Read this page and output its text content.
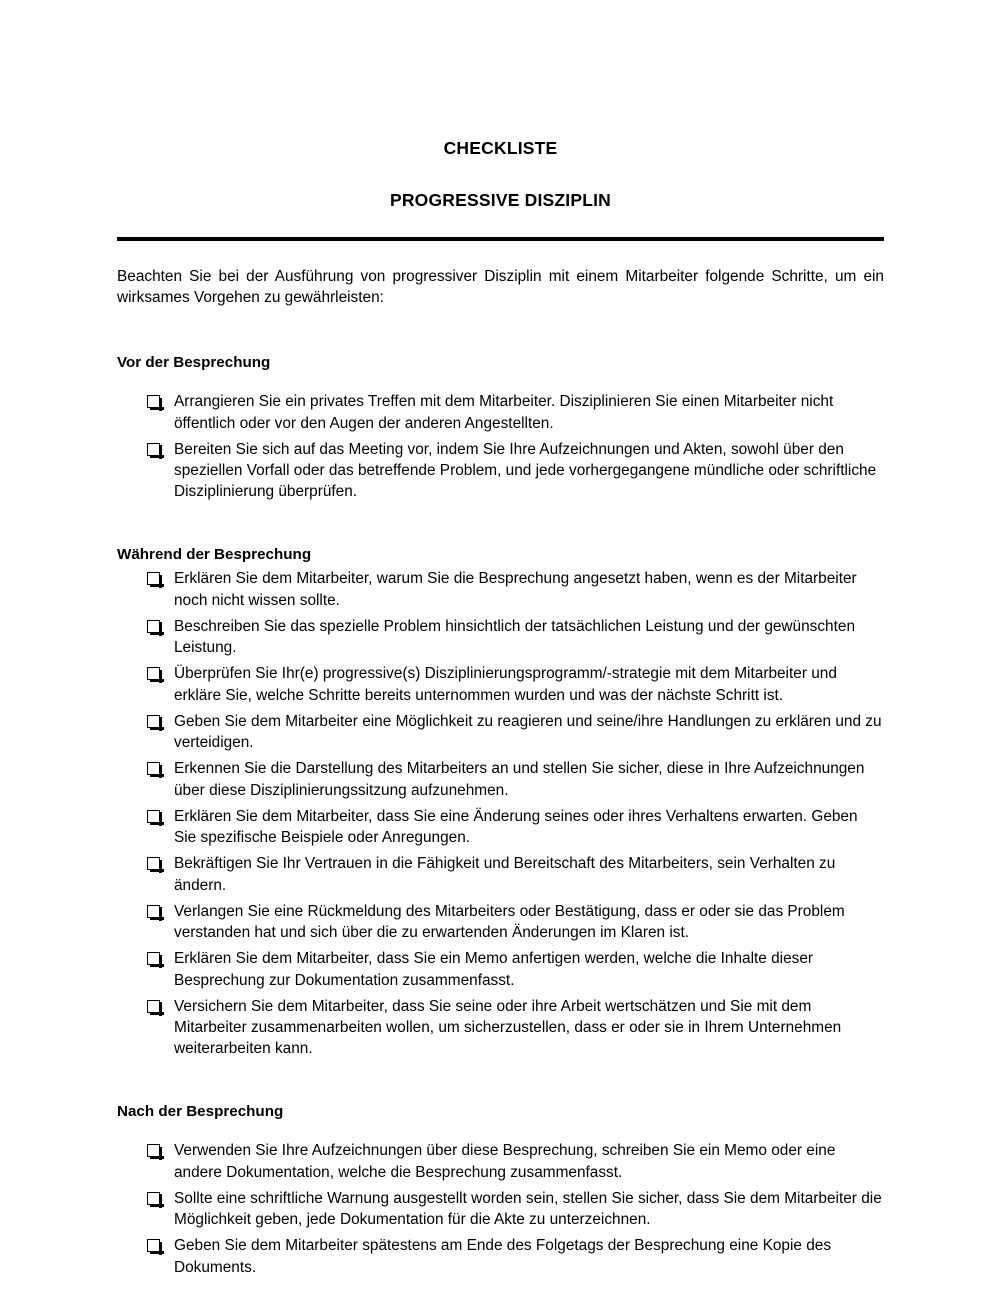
CHECKLISTE
PROGRESSIVE DISZIPLIN

Beachten Sie bei der Ausführung von progressiver Disziplin mit einem Mitarbeiter folgende Schritte, um ein wirksames Vorgehen zu gewährleisten:

Vor der Besprechung
Arrangieren Sie ein privates Treffen mit dem Mitarbeiter. Disziplinieren Sie einen Mitarbeiter nicht öffentlich oder vor den Augen der anderen Angestellten.
Bereiten Sie sich auf das Meeting vor, indem Sie Ihre Aufzeichnungen und Akten, sowohl über den speziellen Vorfall oder das betreffende Problem, und jede vorhergegangene mündliche oder schriftliche Disziplinierung überprüfen.
Während der Besprechung
Erklären Sie dem Mitarbeiter, warum Sie die Besprechung angesetzt haben, wenn es der Mitarbeiter noch nicht wissen sollte.
Beschreiben Sie das spezielle Problem hinsichtlich der tatsächlichen Leistung und der gewünschten Leistung.
Überprüfen Sie Ihr(e) progressive(s) Disziplinierungsprogramm/-strategie mit dem Mitarbeiter und erkläre Sie, welche Schritte bereits unternommen wurden und was der nächste Schritt ist.
Geben Sie dem Mitarbeiter eine Möglichkeit zu reagieren und seine/ihre Handlungen zu erklären und zu verteidigen.
Erkennen Sie die Darstellung des Mitarbeiters an und stellen Sie sicher, diese in Ihre Aufzeichnungen über diese Disziplinierungssitzung aufzunehmen.
Erklären Sie dem Mitarbeiter, dass Sie eine Änderung seines oder ihres Verhaltens erwarten. Geben Sie spezifische Beispiele oder Anregungen.
Bekräftigen Sie Ihr Vertrauen in die Fähigkeit und Bereitschaft des Mitarbeiters, sein Verhalten zu ändern.
Verlangen Sie eine Rückmeldung des Mitarbeiters oder Bestätigung, dass er oder sie das Problem verstanden hat und sich über die zu erwartenden Änderungen im Klaren ist.
Erklären Sie dem Mitarbeiter, dass Sie ein Memo anfertigen werden, welche die Inhalte dieser Besprechung zur Dokumentation zusammenfasst.
Versichern Sie dem Mitarbeiter, dass Sie seine oder ihre Arbeit wertschätzen und Sie mit dem Mitarbeiter zusammenarbeiten wollen, um sicherzustellen, dass er oder sie in Ihrem Unternehmen weiterarbeiten kann.
Nach der Besprechung
Verwenden Sie Ihre Aufzeichnungen über diese Besprechung, schreiben Sie ein Memo oder eine andere Dokumentation, welche die Besprechung zusammenfasst.
Sollte eine schriftliche Warnung ausgestellt worden sein, stellen Sie sicher, dass Sie dem Mitarbeiter die Möglichkeit geben, jede Dokumentation für die Akte zu unterzeichnen.
Geben Sie dem Mitarbeiter spätestens am Ende des Folgetags der Besprechung eine Kopie des Dokuments.
